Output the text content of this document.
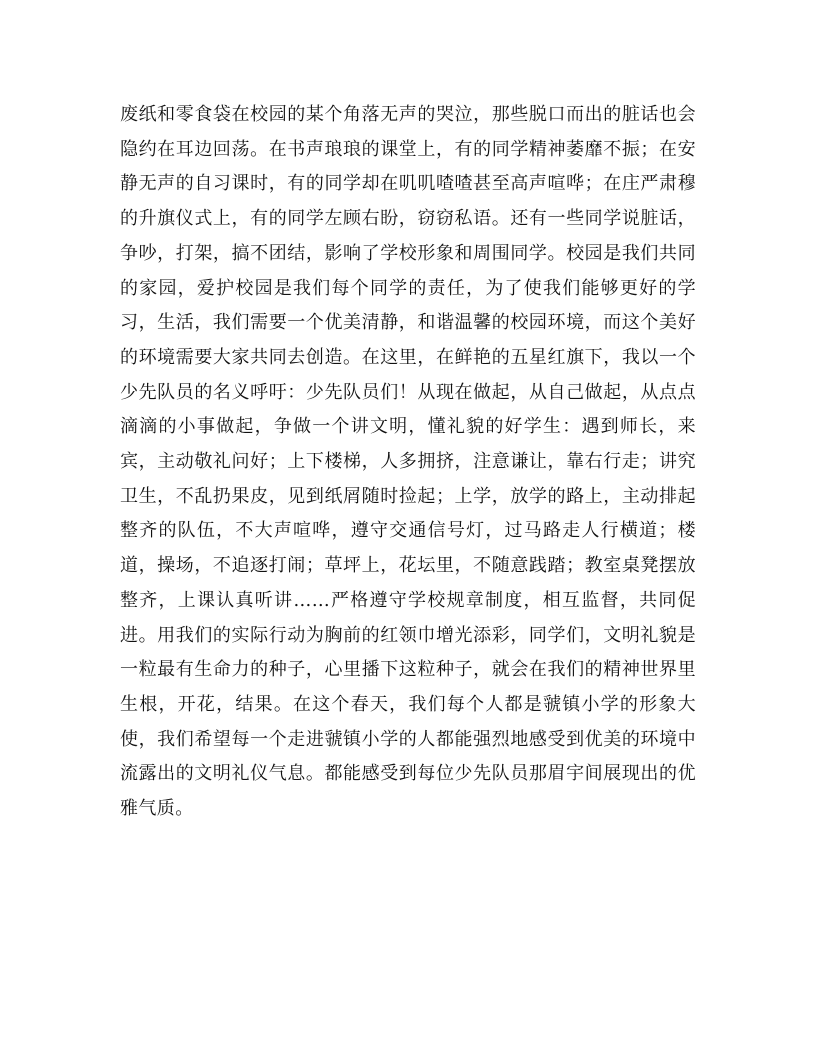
废纸和零食袋在校园的某个角落无声的哭泣，那些脱口而出的脏话也会隐约在耳边回荡。在书声琅琅的课堂上，有的同学精神萎靡不振；在安静无声的自习课时，有的同学却在叽叽喳喳甚至高声喧哗；在庄严肃穆的升旗仪式上，有的同学左顾右盼，窃窃私语。还有一些同学说脏话，争吵，打架，搞不团结，影响了学校形象和周围同学。校园是我们共同的家园，爱护校园是我们每个同学的责任，为了使我们能够更好的学习，生活，我们需要一个优美清静，和谐温馨的校园环境，而这个美好的环境需要大家共同去创造。在这里，在鲜艳的五星红旗下，我以一个少先队员的名义呼吁：少先队员们！从现在做起，从自己做起，从点点滴滴的小事做起，争做一个讲文明，懂礼貌的好学生：遇到师长，来宾，主动敬礼问好；上下楼梯，人多拥挤，注意谦让，靠右行走；讲究卫生，不乱扔果皮，见到纸屑随时捡起；上学，放学的路上，主动排起整齐的队伍，不大声喧哗，遵守交通信号灯，过马路走人行横道；楼道，操场，不追逐打闹；草坪上，花坛里，不随意践踏；教室桌凳摆放整齐，上课认真听讲……严格遵守学校规章制度，相互监督，共同促进。用我们的实际行动为胸前的红领巾增光添彩，同学们，文明礼貌是一粒最有生命力的种子，心里播下这粒种子，就会在我们的精神世界里生根，开花，结果。在这个春天，我们每个人都是虢镇小学的形象大使，我们希望每一个走进虢镇小学的人都能强烈地感受到优美的环境中流露出的文明礼仪气息。都能感受到每位少先队员那眉宇间展现出的优雅气质。
